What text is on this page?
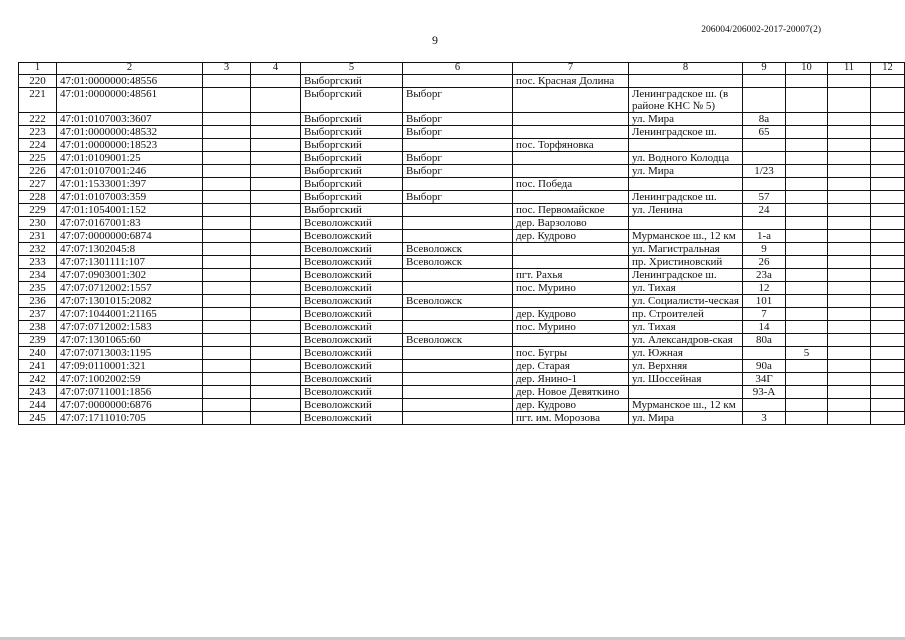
9
206004/206002-2017-20007(2)
1	2	3	4	5	6	7	8	9	10	11	12
220	47:01:0000000:48556			Выборгский		пос. Красная Долина					
221	47:01:0000000:48561			Выборгский	Выборг		Ленинградское ш. (в районе КНС № 5)				
222	47:01:0107003:3607			Выборгский	Выборг		ул. Мира	8а			
223	47:01:0000000:48532			Выборгский	Выборг		Ленинградское ш.	65			
224	47:01:0000000:18523			Выборгский		пос. Торфяновка					
225	47:01:0109001:25			Выборгский	Выборг		ул. Водного Колодца				
226	47:01:0107001:246			Выборгский	Выборг		ул. Мира	1/23			
227	47:01:1533001:397			Выборгский		пос. Победа					
228	47:01:0107003:359			Выборгский	Выборг		Ленинградское ш.	57			
229	47:01:1054001:152			Выборгский		пос. Первомайское	ул. Ленина	24			
230	47:07:0167001:83			Всеволожский		дер. Варзолово					
231	47:07:0000000:6874			Всеволожский		дер. Кудрово	Мурманское ш., 12 км	1-а			
232	47:07:1302045:8			Всеволожский	Всеволожск		ул. Магистральная	9			
233	47:07:1301111:107			Всеволожский	Всеволожск		пр. Христиновский	26			
234	47:07:0903001:302			Всеволожский		пгт. Рахья	Ленинградское ш.	23а			
235	47:07:0712002:1557			Всеволожский		пос. Мурино	ул. Тихая	12			
236	47:07:1301015:2082			Всеволожский	Всеволожск		ул. Социалисти-ческая	101			
237	47:07:1044001:21165			Всеволожский		дер. Кудрово	пр. Строителей	7			
238	47:07:0712002:1583			Всеволожский		пос. Мурино	ул. Тихая	14			
239	47:07:1301065:60			Всеволожский	Всеволожск		ул. Александров-ская	80а			
240	47:07:0713003:1195			Всеволожский		пос. Бугры	ул. Южная		5		
241	47:09:0110001:321			Всеволожский		дер. Старая	ул. Верхняя	90а			
242	47:07:1002002:59			Всеволожский		дер. Янино-1	ул. Шоссейная	34Г			
243	47:07:0711001:1856			Всеволожский		дер. Новое Девяткино		93-А			
244	47:07:0000000:6876			Всеволожский		дер. Кудрово	Мурманское ш., 12 км				
245	47:07:1711010:705			Всеволожский		пгт. им. Морозова	ул. Мира	3			
